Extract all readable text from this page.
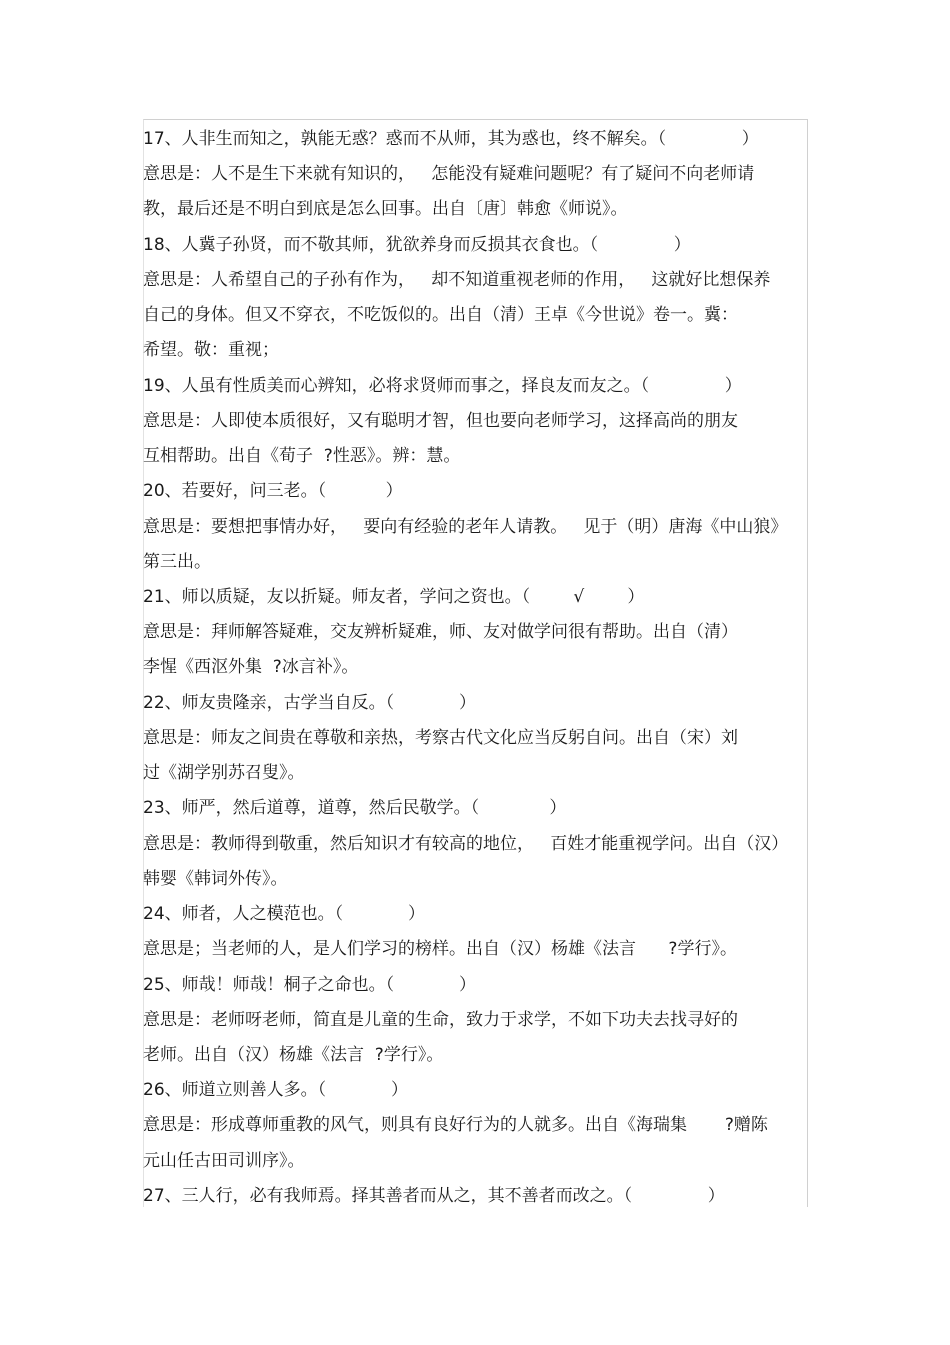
17、人非生而知之，孰能无惑？惑而不从师，其为惑也，终不解矣。（              ）
意思是：人不是生下来就有知识的，   怎能没有疑难问题呢？有了疑问不向老师请
教，最后还是不明白到底是怎么回事。出自〔唐〕韩愈《师说》。
18、人冀子孙贤，而不敬其师，犹欲养身而反损其衣食也。（              ）
意思是：人希望自己的子孙有作为，   却不知道重视老师的作用，   这就好比想保养
自己的身体。但又不穿衣，不吃饭似的。出自（清）王卓《今世说》卷一。冀：
希望。敬：重视；
19、人虽有性质美而心辨知，必将求贤师而事之，择良友而友之。（              ）
意思是：人即使本质很好，又有聪明才智，但也要向老师学习，这择高尚的朋友
互相帮助。出自《荀子  ?性恶》。辨：慧。
20、若要好，问三老。（           ）
意思是：要想把事情办好，   要向有经验的老年人请教。   见于（明）唐海《中山狼》
第三出。
21、师以质疑，友以折疑。师友者，学问之资也。（        √        ）
意思是：拜师解答疑难，交友辨析疑难，师、友对做学问很有帮助。出自（清）
李惺《西沤外集  ?冰言补》。
22、师友贵隆亲，古学当自反。（            ）
意思是：师友之间贵在尊敬和亲热，考察古代文化应当反躬自问。出自（宋）刘
过《湖学别苏召叟》。
23、师严，然后道尊，道尊，然后民敬学。（             ）
意思是：教师得到敬重，然后知识才有较高的地位，   百姓才能重视学问。出自（汉）
韩婴《韩词外传》。
24、师者，人之模范也。（            ）
意思是；当老师的人，是人们学习的榜样。出自（汉）杨雄《法言      ?学行》。
25、师哉！师哉！桐子之命也。（            ）
意思是：老师呀老师，简直是儿童的生命，致力于求学，不如下功夫去找寻好的
老师。出自（汉）杨雄《法言  ?学行》。
26、师道立则善人多。（            ）
意思是：形成尊师重教的风气，则具有良好行为的人就多。出自《海瑞集       ?赠陈
元山任古田司训序》。
27、三人行，必有我师焉。择其善者而从之，其不善者而改之。（              ）
